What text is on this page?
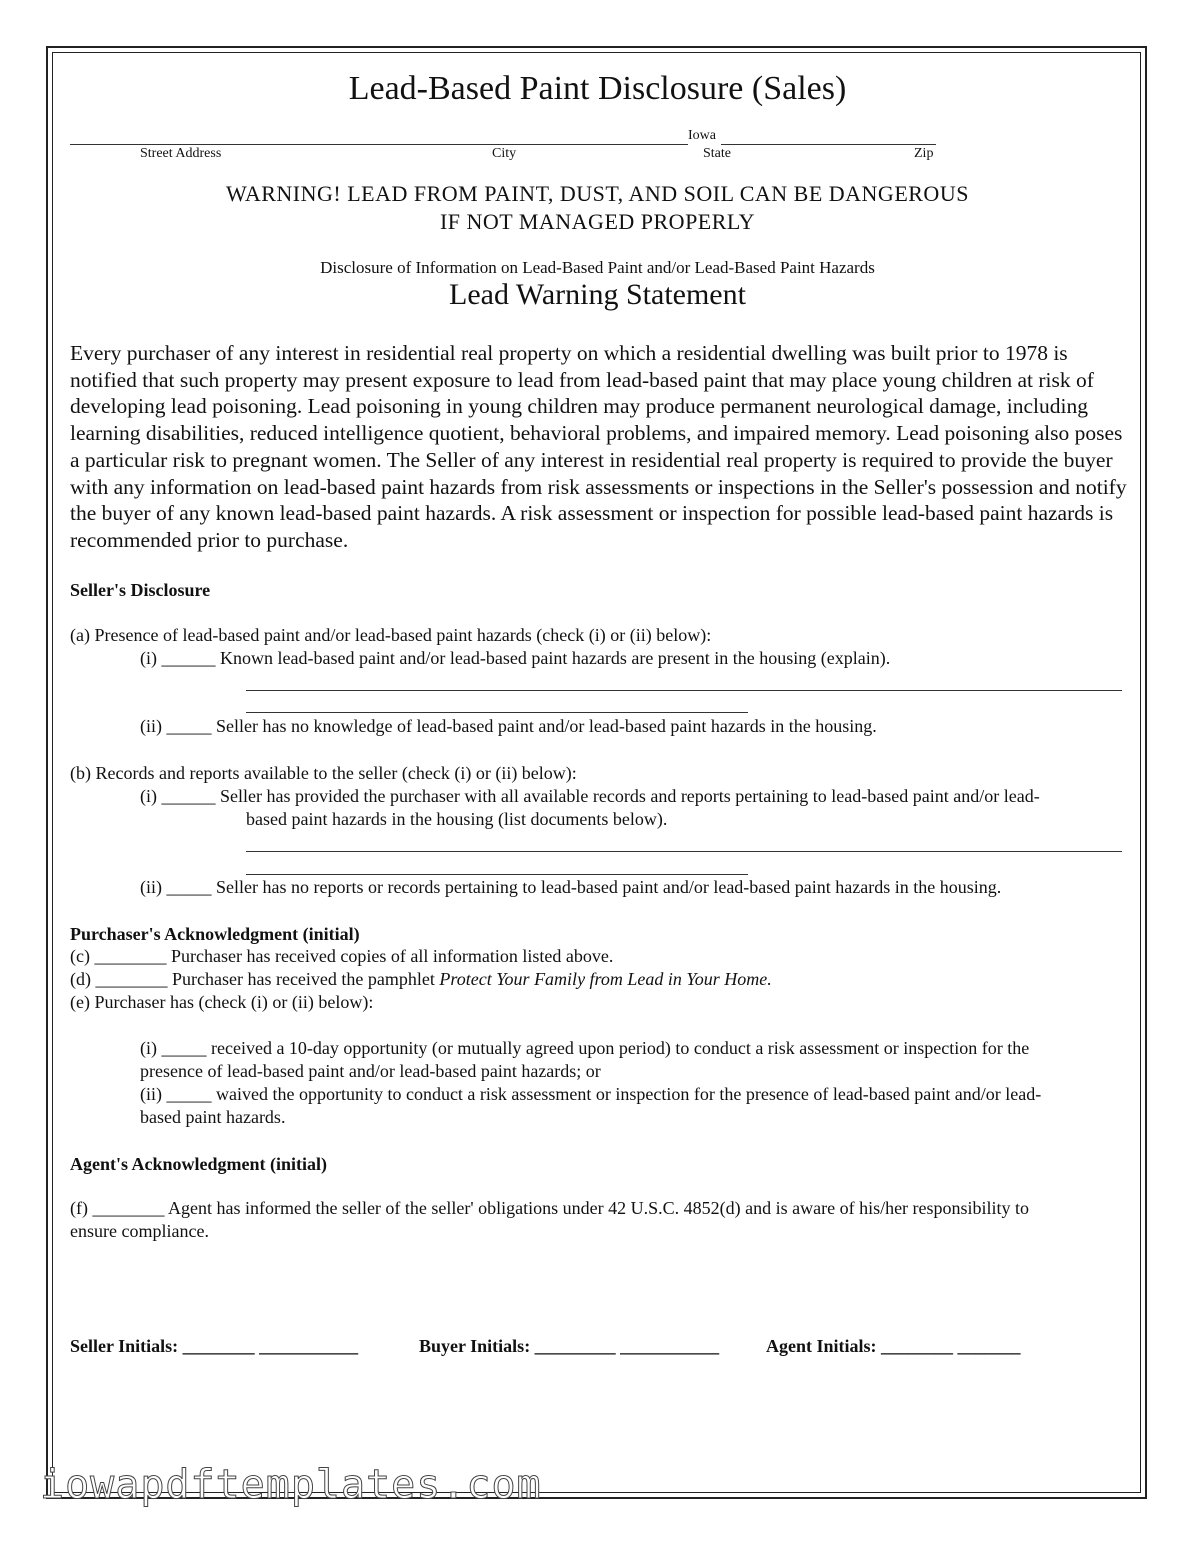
Lead-Based Paint Disclosure (Sales)
Iowa
Street Address	City	State	Zip
WARNING! LEAD FROM PAINT, DUST, AND SOIL CAN BE DANGEROUS
IF NOT MANAGED PROPERLY
Disclosure of Information on Lead-Based Paint and/or Lead-Based Paint Hazards
Lead Warning Statement
Every purchaser of any interest in residential real property on which a residential dwelling was built prior to 1978 is notified that such property may present exposure to lead from lead-based paint that may place young children at risk of developing lead poisoning. Lead poisoning in young children may produce permanent neurological damage, including learning disabilities, reduced intelligence quotient, behavioral problems, and impaired memory. Lead poisoning also poses a particular risk to pregnant women. The Seller of any interest in residential real property is required to provide the buyer with any information on lead-based paint hazards from risk assessments or inspections in the Seller's possession and notify the buyer of any known lead-based paint hazards. A risk assessment or inspection for possible lead-based paint hazards is recommended prior to purchase.
Seller's Disclosure
(a) Presence of lead-based paint and/or lead-based paint hazards (check (i) or (ii) below):
(i) ______ Known lead-based paint and/or lead-based paint hazards are present in the housing (explain).
(ii) _____ Seller has no knowledge of lead-based paint and/or lead-based paint hazards in the housing.
(b) Records and reports available to the seller (check (i) or (ii) below):
(i) ______ Seller has provided the purchaser with all available records and reports pertaining to lead-based paint and/or lead-
based paint hazards in the housing (list documents below).
(ii) _____ Seller has no reports or records pertaining to lead-based paint and/or lead-based paint hazards in the housing.
Purchaser's Acknowledgment (initial)
(c) ________ Purchaser has received copies of all information listed above.
(d) ________ Purchaser has received the pamphlet Protect Your Family from Lead in Your Home.
(e) Purchaser has (check (i) or (ii) below):
(i) _____ received a 10-day opportunity (or mutually agreed upon period) to conduct a risk assessment or inspection for the
presence of lead-based paint and/or lead-based paint hazards; or
(ii) _____ waived the opportunity to conduct a risk assessment or inspection for the presence of lead-based paint and/or lead-
based paint hazards.
Agent's Acknowledgment (initial)
(f) ________ Agent has informed the seller of the seller' obligations under 42 U.S.C. 4852(d) and is aware of his/her responsibility to
ensure compliance.
Seller Initials: ________ ___________	Buyer Initials: _________ ___________	Agent Initials: ________ _______
iowapdftemplates.com
